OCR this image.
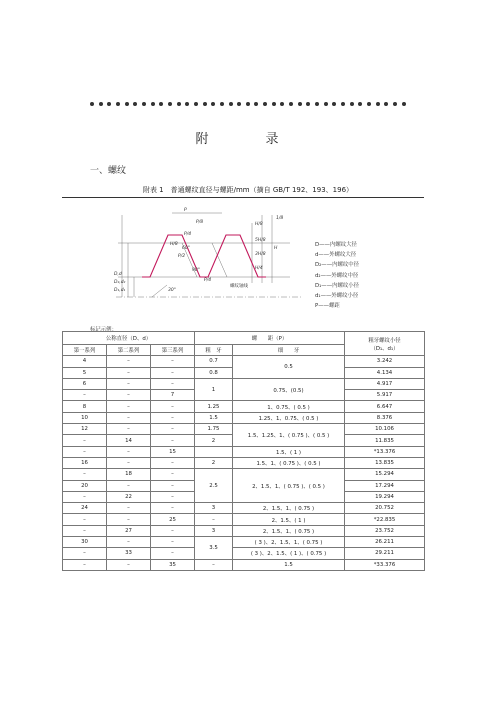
附　录
一、螺纹
附表 1　普通螺纹直径与螺距/mm（摘自 GB/T 192、193、196）
P
P/8
P/4
H/8
5H/8
3H/8
H/4
H
60°
H/8
P/2
P/4
30°
90°
螺纹轴线
D,d
D₂,d₂
D₁,d₁
1/8
D——内螺纹大径
d——外螺纹大径
D₂——内螺纹中径
d₂——外螺纹中径
D₁——内螺纹小径
d₁——外螺纹小径
P——螺距
标记示例：
公称直径（D、d）			螺　　距（P）		粗牙螺纹小径
（D₁、d₁）

第一系列	第二系列	第三系列	粗　牙	细　　牙	
4	–	–	0.7	0.5	3.242
5	–	–	0.8		4.134
6	–	–	1	0.75、(0.5)	4.917
–	–	7			5.917
8	–	–	1.25	1、0.75、( 0.5 )	6.647
10	–	–	1.5	1.25、1、0.75、( 0.5 )	8.376
12	–	–	1.75	1.5、1.25、1、( 0.75 )、( 0.5 )	10.106
–	14	–	2		11.835
–	–	15		1.5、( 1 )	*13.376
16	–	–	2	1.5、1、( 0.75 )、( 0.5 )	13.835
–	18	–	2.5	2、1.5、1、( 0.75 )、( 0.5 )	15.294
20	–	–			17.294
–	22	–			19.294
24	–	–	3	2、1.5、1、( 0.75 )	20.752
–	–	25	–	2、1.5、( 1 )	*22.835
–	27	–	3	2、1.5、1、( 0.75 )	23.752
30	–	–	3.5	( 3 )、2、1.5、1、( 0.75 )	26.211
–	33	–		( 3 )、2、1.5、( 1 )、( 0.75 )	29.211
–	–	35	–	1.5	*33.376
